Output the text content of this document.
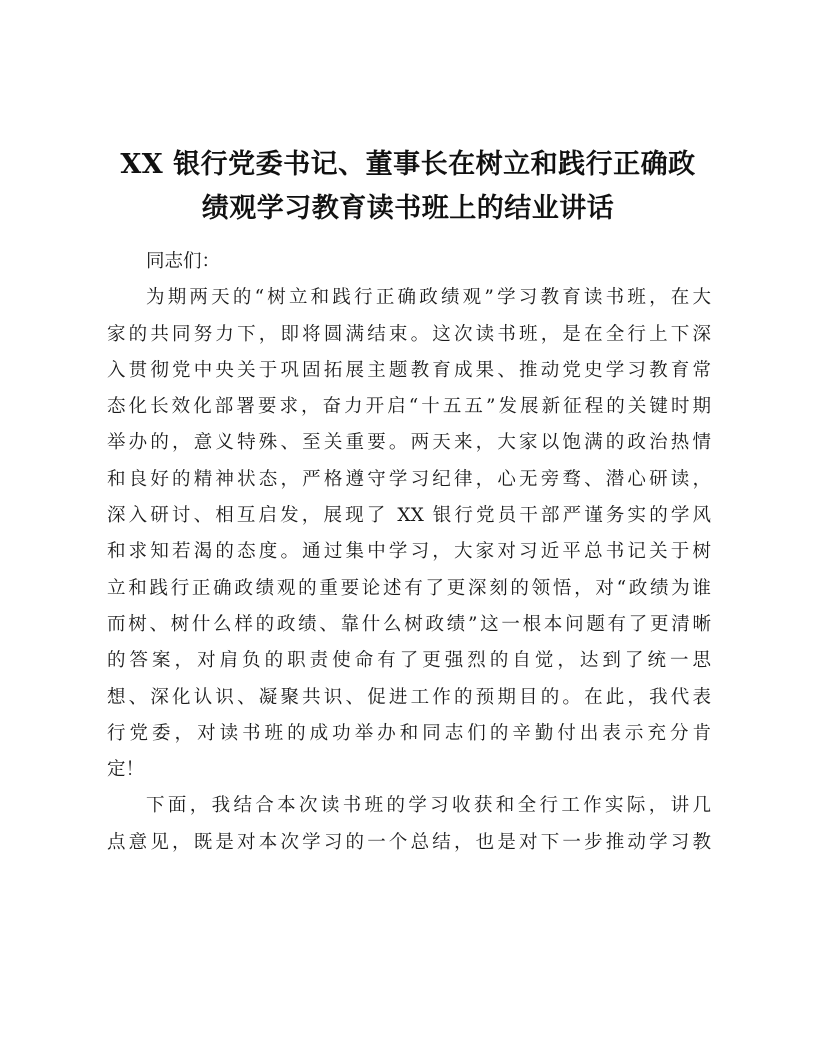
XX 银行党委书记、董事长在树立和践行正确政
绩观学习教育读书班上的结业讲话
同志们：
为期两天的“树立和践行正确政绩观”学习教育读书班，在大
家的共同努力下，即将圆满结束。这次读书班，是在全行上下深
入贯彻党中央关于巩固拓展主题教育成果、推动党史学习教育常
态化长效化部署要求，奋力开启“十五五”发展新征程的关键时期
举办的，意义特殊、至关重要。两天来，大家以饱满的政治热情
和良好的精神状态，严格遵守学习纪律，心无旁骛、潜心研读，
深入研讨、相互启发，展现了 XX 银行党员干部严谨务实的学风
和求知若渴的态度。通过集中学习，大家对习近平总书记关于树
立和践行正确政绩观的重要论述有了更深刻的领悟，对“政绩为谁
而树、树什么样的政绩、靠什么树政绩”这一根本问题有了更清晰
的答案，对肩负的职责使命有了更强烈的自觉，达到了统一思
想、深化认识、凝聚共识、促进工作的预期目的。在此，我代表
行党委，对读书班的成功举办和同志们的辛勤付出表示充分肯
定！
下面，我结合本次读书班的学习收获和全行工作实际，讲几
点意见，既是对本次学习的一个总结，也是对下一步推动学习教
